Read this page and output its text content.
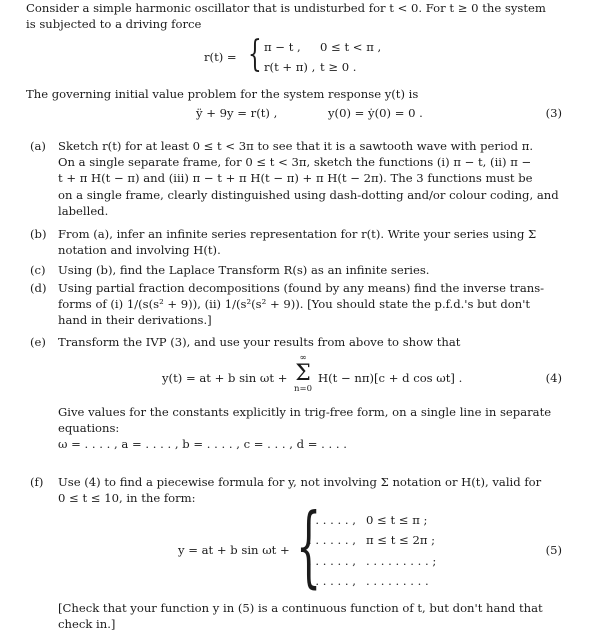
Consider a simple harmonic oscillator that is undisturbed for t < 0. For t ≥ 0 the system

is subjected to a driving force

r(t) = { π − t , 0 ≤ t < π ,
r(t + π) , t ≥ 0 .

The governing initial value problem for the system response y(t) is

ÿ + 9y = r(t) ,	y(0) = ẏ(0) = 0 .	(3)
(a) Sketch r(t) for at least 0 ≤ t < 3π to see that it is a sawtooth wave with period π.

On a single separate frame, for 0 ≤ t < 3π, sketch the functions (i) π − t, (ii) π −

t + π H(t − π) and (iii) π − t + π H(t − π) + π H(t − 2π). The 3 functions must be

on a single frame, clearly distinguished using dash-dotting and/or colour coding, and

labelled.

(b) From (a), infer an infinite series representation for r(t). Write your series using Σ

notation and involving H(t).

(c) Using (b), find the Laplace Transform R(s) as an infinite series.

(d) Using partial fraction decompositions (found by any means) find the inverse trans-

forms of (i) 1/(s(s² + 9)), (ii) 1/(s²(s² + 9)). [You should state the p.f.d.'s but don't

hand in their derivations.]

(e) Transform the IVP (3), and use your results from above to show that

y(t) = at + b sin ωt +
∞
Σ
n=0
H(t − nπ)[c + d cos ωt] .	(4)

Give values for the constants explicitly in trig-free form, on a single line in separate

equations:

ω = . . . . , a = . . . . , b = . . . . , c = . . . , d = . . . .

(f) Use (4) to find a piecewise formula for y, not involving Σ notation or H(t), valid for

0 ≤ t ≤ 10, in the form:

y = at + b sin ωt + {
. . . . . . , 0 ≤ t ≤ π ;
. . . . . . , π ≤ t ≤ 2π ;
. . . . . . , . . . . . . . . . ;
. . . . . . , . . . . . . . . .
(5)

[Check that your function y in (5) is a continuous function of t, but don't hand that

check in.]
